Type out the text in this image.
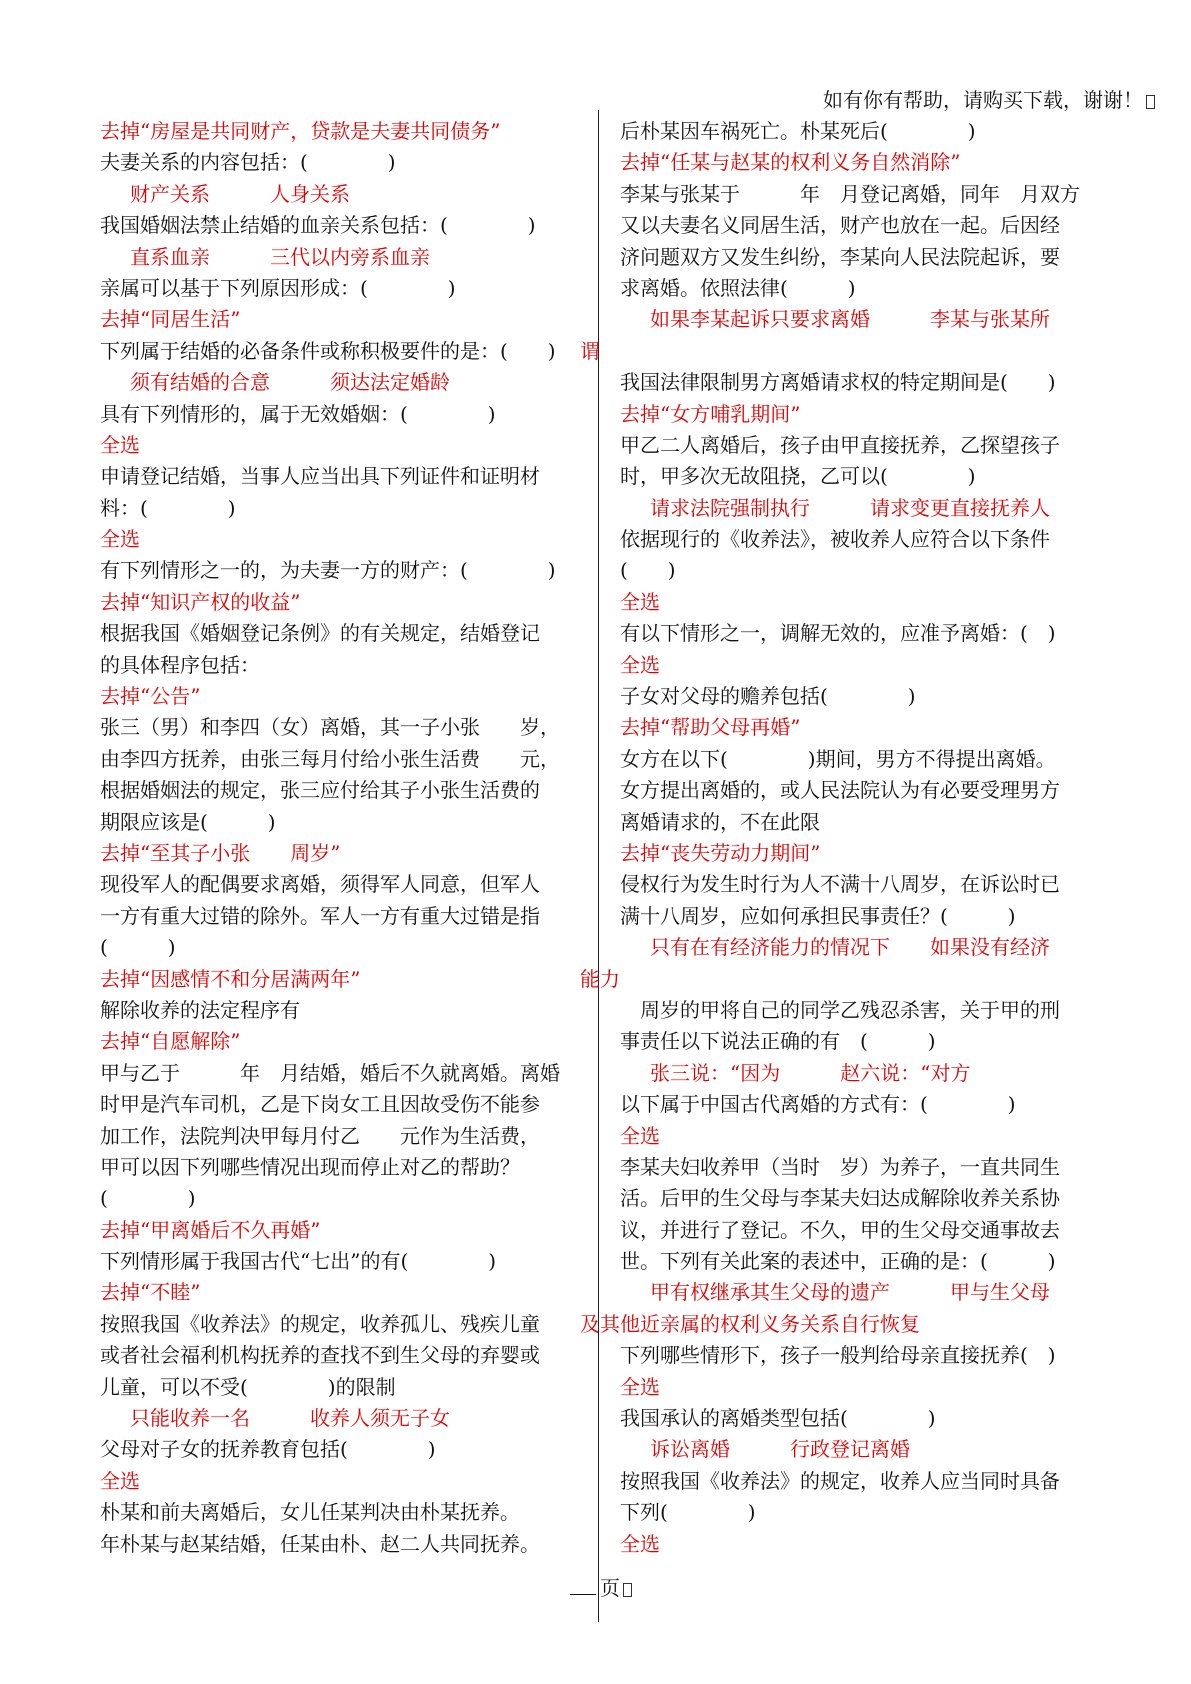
如有你有帮助，请购买下载，谢谢！
去掉“房屋是共同财产，贷款是夫妻共同债务”
夫妻关系的内容包括：(　　　　)
财产关系　　　人身关系
我国婚姻法禁止结婚的血亲关系包括：(　　　　)
直系血亲　　　三代以内旁系血亲
亲属可以基于下列原因形成：(　　　　)
去掉“同居生活”
下列属于结婚的必备条件或称积极要件的是：(　　)
须有结婚的合意　　　须达法定婚龄
具有下列情形的，属于无效婚姻：(　　　　)
全选
申请登记结婚，当事人应当出具下列证件和证明材
料：(　　　　)
全选
有下列情形之一的，为夫妻一方的财产：(　　　　)
去掉“知识产权的收益”
根据我国《婚姻登记条例》的有关规定，结婚登记
的具体程序包括：
去掉“公告”
张三（男）和李四（女）离婚，其一子小张　　岁，
由李四方抚养，由张三每月付给小张生活费　　元，
根据婚姻法的规定，张三应付给其子小张生活费的
期限应该是(　　　)
去掉“至其子小张　　周岁”
现役军人的配偶要求离婚，须得军人同意，但军人
一方有重大过错的除外。军人一方有重大过错是指
(　　　)
去掉“因感情不和分居满两年”
解除收养的法定程序有
去掉“自愿解除”
甲与乙于　　　年　月结婚，婚后不久就离婚。离婚
时甲是汽车司机，乙是下岗女工且因故受伤不能参
加工作，法院判决甲每月付乙　　元作为生活费，
甲可以因下列哪些情况出现而停止对乙的帮助？
(　　　　)
去掉“甲离婚后不久再婚”
下列情形属于我国古代“七出”的有(　　　　)
去掉“不睦”
按照我国《收养法》的规定，收养孤儿、残疾儿童
或者社会福利机构抚养的查找不到生父母的弃婴或
儿童，可以不受(　　　　)的限制
只能收养一名　　　收养人须无子女
父母对子女的抚养教育包括(　　　　)
全选
朴某和前夫离婚后，女儿任某判决由朴某抚养。
年朴某与赵某结婚，任某由朴、赵二人共同抚养。
后朴某因车祸死亡。朴某死后(　　　　)
去掉“任某与赵某的权利义务自然消除”
李某与张某于　　　年　月登记离婚，同年　月双方
又以夫妻名义同居生活，财产也放在一起。后因经
济问题双方又发生纠纷，李某向人民法院起诉，要
求离婚。依照法律(　　　)
如果李某起诉只要求离婚　　　李某与张某所
谓
我国法律限制男方离婚请求权的特定期间是(　　)
去掉“女方哺乳期间”
甲乙二人离婚后，孩子由甲直接抚养，乙探望孩子
时，甲多次无故阻挠，乙可以(　　　　)
请求法院强制执行　　　请求变更直接抚养人
依据现行的《收养法》，被收养人应符合以下条件
(　　)
全选
有以下情形之一，调解无效的，应准予离婚：(　)
全选
子女对父母的赡养包括(　　　　)
去掉“帮助父母再婚”
女方在以下(　　　　)期间，男方不得提出离婚。
女方提出离婚的，或人民法院认为有必要受理男方
离婚请求的，不在此限
去掉“丧失劳动力期间”
侵权行为发生时行为人不满十八周岁，在诉讼时已
满十八周岁，应如何承担民事责任？(　　　)
只有在有经济能力的情况下　　如果没有经济
能力
　周岁的甲将自己的同学乙残忍杀害，关于甲的刑
事责任以下说法正确的有　(　　　)
张三说：“因为　　　赵六说：“对方
以下属于中国古代离婚的方式有：(　　　　)
全选
李某夫妇收养甲（当时　岁）为养子，一直共同生
活。后甲的生父母与李某夫妇达成解除收养关系协
议，并进行了登记。不久，甲的生父母交通事故去
世。下列有关此案的表述中，正确的是：(　　　)
甲有权继承其生父母的遗产　　　甲与生父母
及其他近亲属的权利义务关系自行恢复
下列哪些情形下，孩子一般判给母亲直接抚养(　)
全选
我国承认的离婚类型包括(　　　　)
诉讼离婚　　　行政登记离婚
按照我国《收养法》的规定，收养人应当同时具备
下列(　　　　)
全选
页
